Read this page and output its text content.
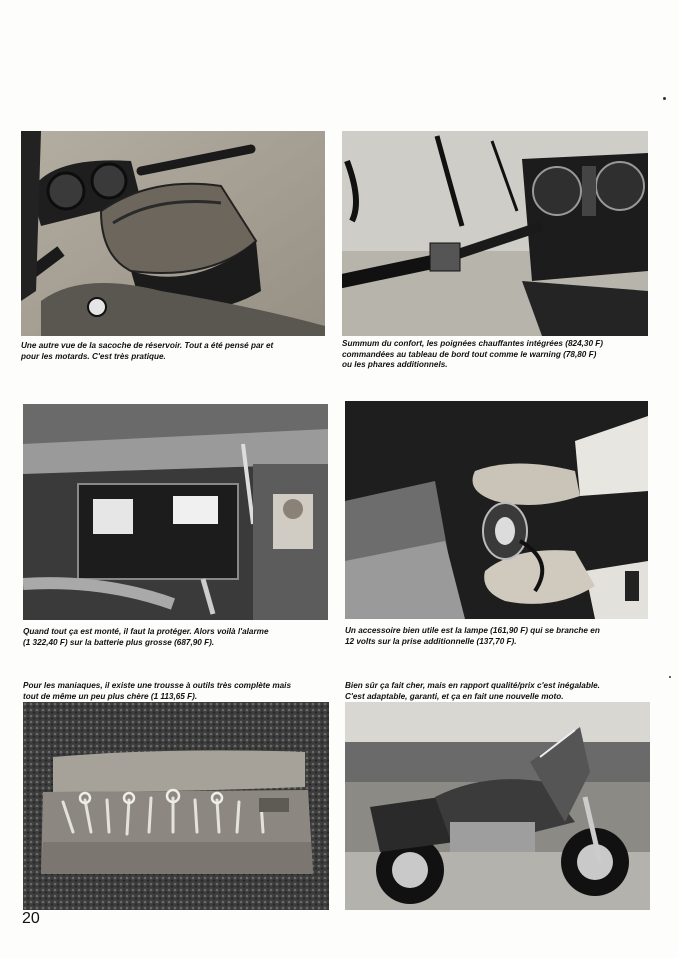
Une autre vue de la sacoche de réservoir. Tout a été pensé par et
pour les motards. C'est très pratique.

Summum du confort, les poignées chauffantes intégrées (824,30 F)
commandées au tableau de bord tout comme le warning (78,80 F)
ou les phares additionnels.

Quand tout ça est monté, il faut la protéger. Alors voilà l'alarme
(1 322,40 F) sur la batterie plus grosse (687,90 F).

Un accessoire bien utile est la lampe (161,90 F) qui se branche en
12 volts sur la prise additionnelle (137,70 F).

Pour les maniaques, il existe une trousse à outils très complète mais
tout de même un peu plus chère (1 113,65 F).

Bien sûr ça fait cher, mais en rapport qualité/prix c'est inégalable.
C'est adaptable, garanti, et ça en fait une nouvelle moto.

20
